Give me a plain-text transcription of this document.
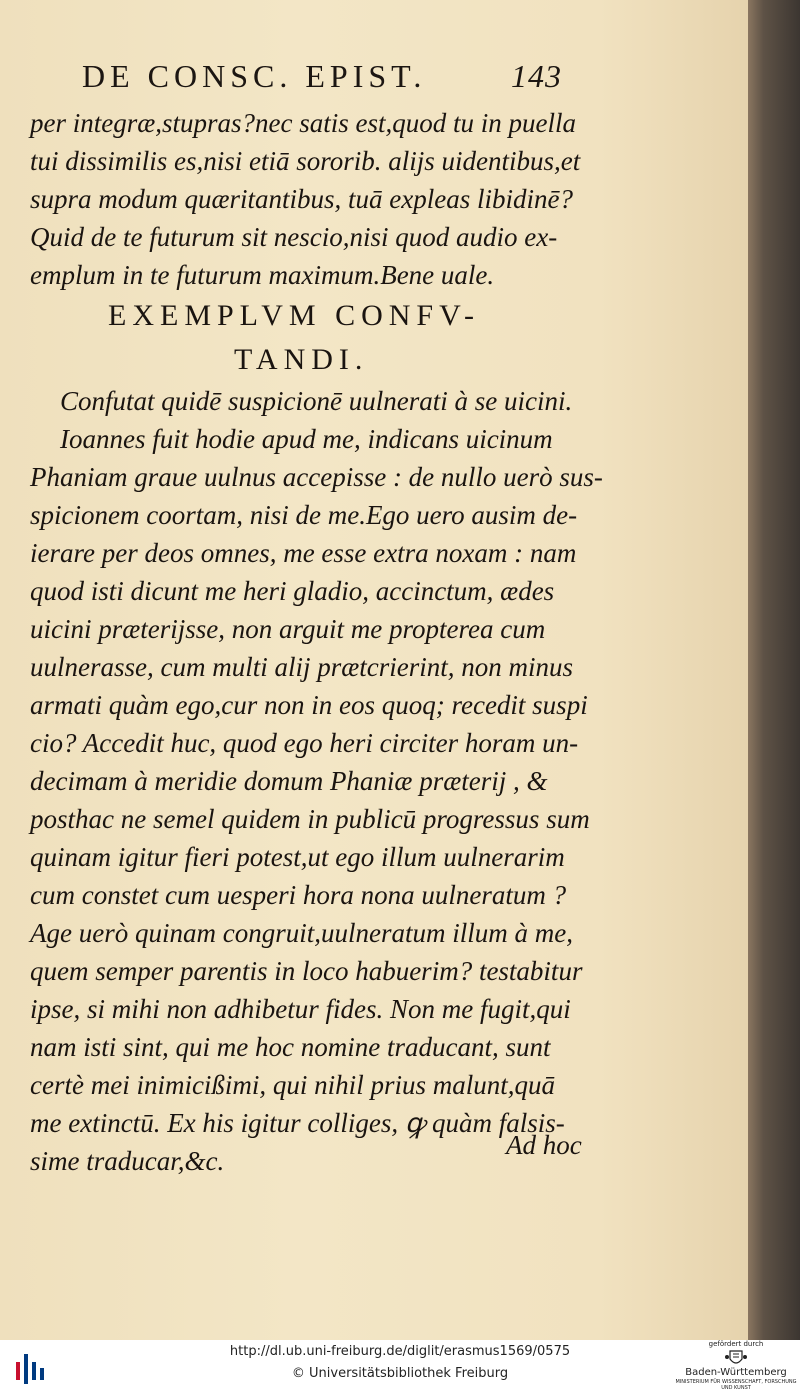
DE CONSC. EPIST.	143
per integræ,stupras?nec satis est,quod tu in puella
tui dissimilis es,nisi etiā sororib. alijs uidentibus,et
supra modum quæritantibus, tuā expleas libidinē?
Quid de te futurum sit nescio,nisi quod audio ex-
emplum in te futurum maximum.Bene uale.
EXEMPLVM CONFV-
TANDI.
Confutat quidē suspicionē uulnerati à se uicini.
Ioannes fuit hodie apud me, indicans uicinum
Phaniam graue uulnus accepisse : de nullo uerò sus-
spicionem coortam, nisi de me.Ego uero ausim de-
ierare per deos omnes, me esse extra noxam : nam
quod isti dicunt me heri gladio, accinctum, ædes
uicini præterijsse, non arguit me propterea cum
uulnerasse, cum multi alij prætcrierint, non minus
armati quàm ego,cur non in eos quoq; recedit suspi
cio? Accedit huc, quod ego heri circiter horam un-
decimam à meridie domum Phaniæ præterij , &
posthac ne semel quidem in publicū progressus sum
quinam igitur fieri potest,ut ego illum uulnerarim
cum constet cum uesperi hora nona uulneratum ?
Age uerò quinam congruit,uulneratum illum à me,
quem semper parentis in loco habuerim? testabitur
ipse, si mihi non adhibetur fides. Non me fugit,qui
nam isti sint, qui me hoc nomine traducant, sunt
certè mei inimicißimi, qui nihil prius malunt,quā
me extinctū. Ex his igitur colliges, ꝙ quàm falsis-
sime traducar,&c.
Ad hoc
http://dl.ub.uni-freiburg.de/diglit/erasmus1569/0575
© Universitätsbibliothek Freiburg
gefördert durch
Baden-Württemberg
MINISTERIUM FÜR WISSENSCHAFT, FORSCHUNG UND KUNST
